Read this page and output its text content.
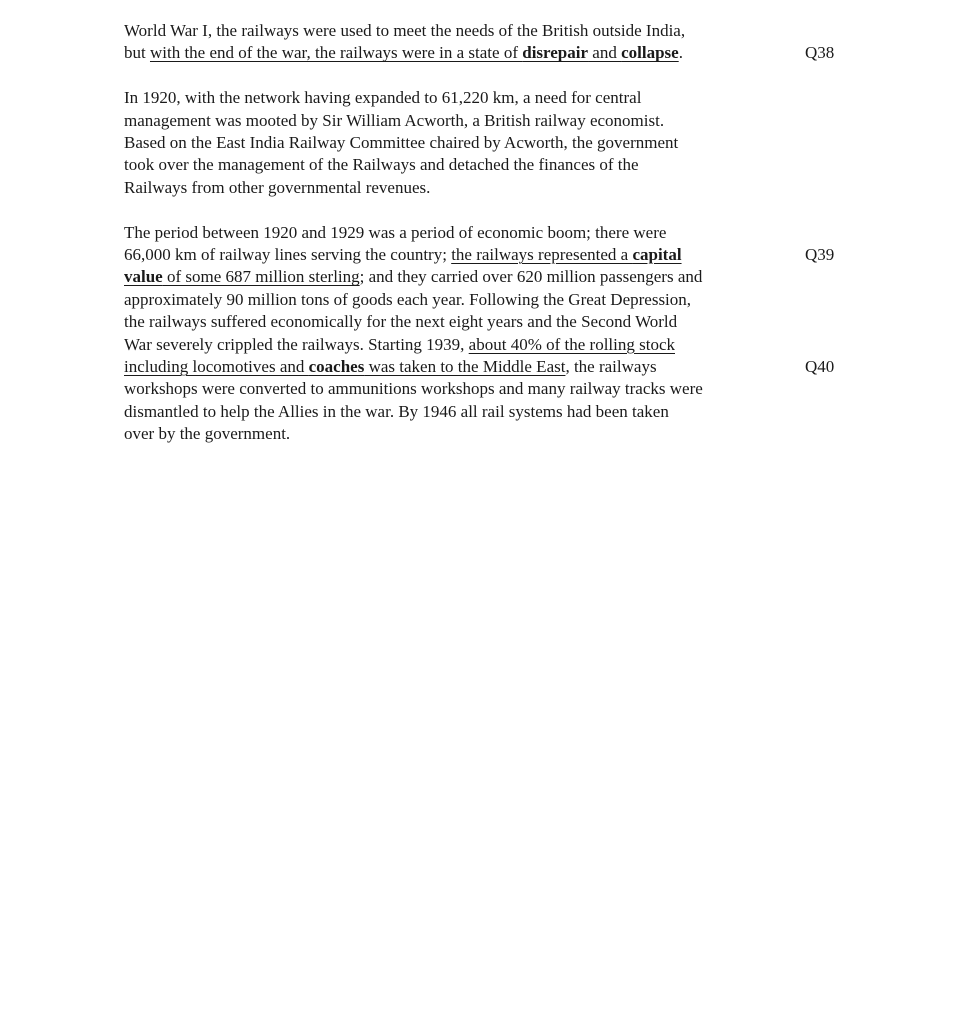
World War I, the railways were used to meet the needs of the British outside India,
but with the end of the war, the railways were in a state of disrepair and collapse.	Q38
In 1920, with the network having expanded to 61,220 km, a need for central
management was mooted by Sir William Acworth, a British railway economist.
Based on the East India Railway Committee chaired by Acworth, the government
took over the management of the Railways and detached the finances of the
Railways from other governmental revenues.
The period between 1920 and 1929 was a period of economic boom; there were
66,000 km of railway lines serving the country; the railways represented a capital	Q39
value of some 687 million sterling; and they carried over 620 million passengers and
approximately 90 million tons of goods each year. Following the Great Depression,
the railways suffered economically for the next eight years and the Second World
War severely crippled the railways. Starting 1939, about 40% of the rolling stock
including locomotives and coaches was taken to the Middle East, the railways	Q40
workshops were converted to ammunitions workshops and many railway tracks were
dismantled to help the Allies in the war. By 1946 all rail systems had been taken
over by the government.
